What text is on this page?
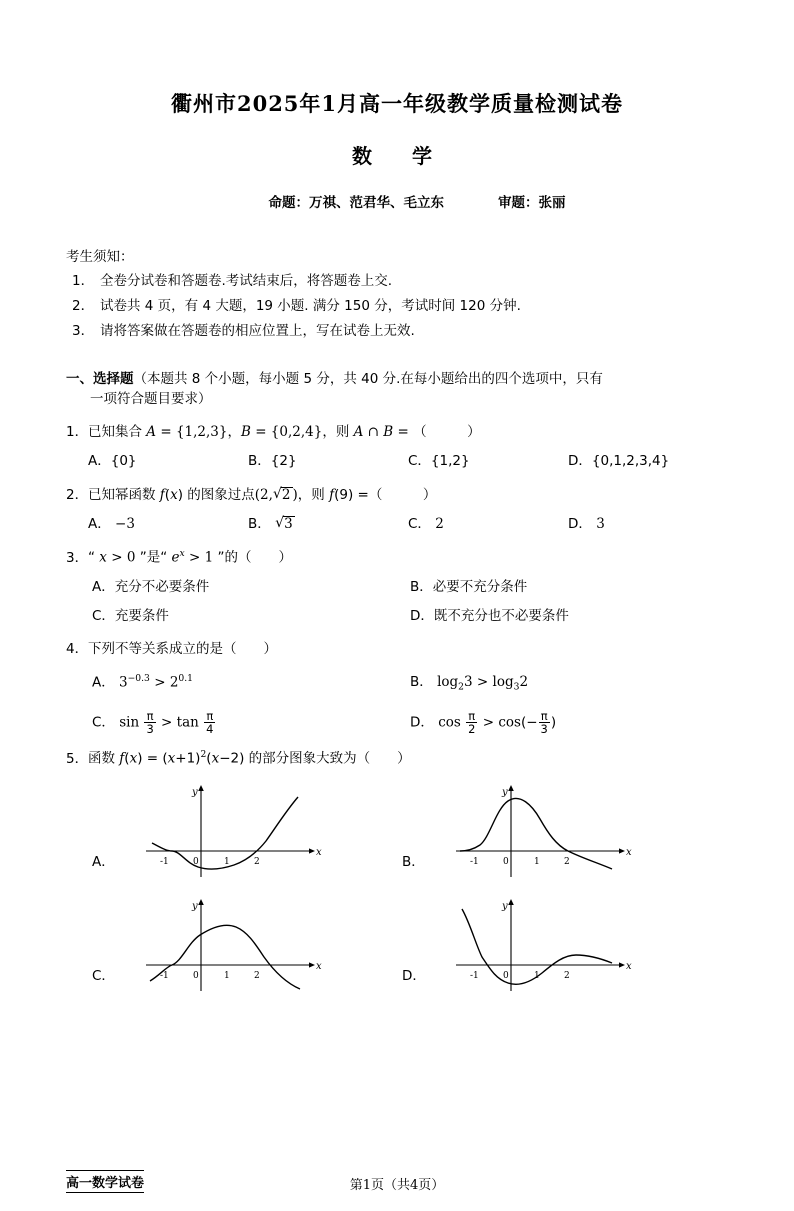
衢州市2025年1月高一年级教学质量检测试卷
数　学
命题：万祺、范君华、毛立东	审题：张丽
考生须知：
1． 全卷分试卷和答题卷.考试结束后，将答题卷上交.
2． 试卷共 4 页，有 4 大题，19 小题. 满分 150 分，考试时间 120 分钟.
3． 请将答案做在答题卷的相应位置上，写在试卷上无效.
一、选择题（本题共 8 个小题，每小题 5 分，共 40 分.在每小题给出的四个选项中，只有
一项符合题目要求）
1． 已知集合 A = {1,2,3}，B = {0,2,4}，则 A ∩ B = （　　　）
A．{0}	B．{2}	C．{1,2}	D．{0,1,2,3,4}
2． 已知幂函数 f(x) 的图象过点(2, √ 2 )，则 f(9) =（　　　）
A． −3	B． √ 3	C． 2	D． 3
3． “ x > 0 ”是“ $e^x > 1$ ”的（　　）
A．充分不必要条件	B．必要不充分条件
C．充要条件	D．既不充分也不必要条件
4． 下列不等关系成立的是（　　）
A． $3^{-0.3} > 2^{0.1}$	B． $\log_23 > \log_32$
C． $\sin \frac{\pi}{3} > \tan \frac{\pi}{4}$	D． $\cos \frac{\pi}{2} > \cos(- \frac{\pi}{3}$ )
5． 函数 $f(x) = (x+1)^2(x-2)$ 的部分图象大致为（　　）
A．
y
x
-1	0	1	2	B．
y
x
-1	0	1	2
C．
y
x
-1	0	1	2	D．
y
x
-1	0	1	2
高一数学试卷	第1页（共4页）
